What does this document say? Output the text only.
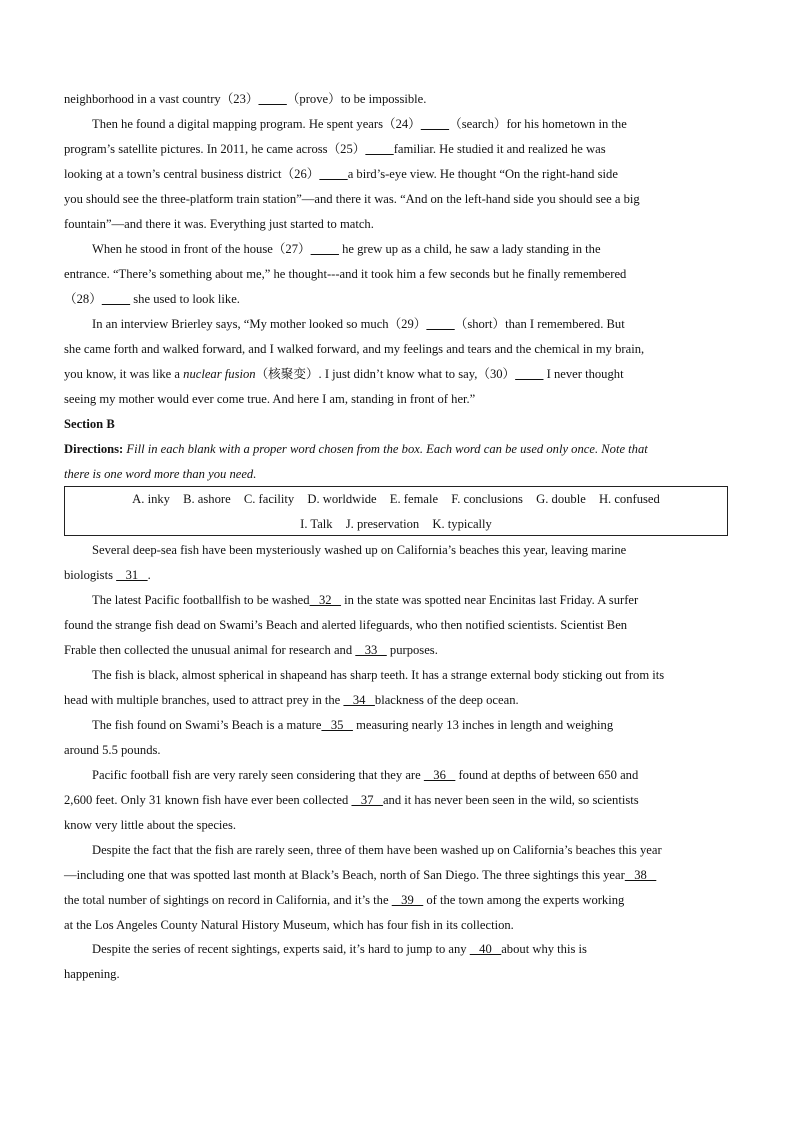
neighborhood in a vast country（23） （prove）to be impossible.

Then he found a digital mapping program. He spent years（24） （search）for his hometown in the

program’s satellite pictures. In 2011, he came across（25） familiar. He studied it and realized he was
looking at a town’s central business district（26） a bird’s-eye view. He thought “On the right-hand side
you should see the three-platform train station”—and there it was. “And on the left-hand side you should see a big
fountain”—and there it was. Everything just started to match.

When he stood in front of the house（27）          he grew up as a child, he saw a lady standing in the

entrance. “There’s something about me,” he thought---and it took him a few seconds but he finally remembered
（28）          she used to look like.

In an interview Brierley says, “My mother looked so much（29） （short）than I remembered. But

she came forth and walked forward, and I walked forward, and my feelings and tears and the chemical in my brain,
you know, it was like a nuclear fusion（核聚变）. I just didn’t know what to say,（30）          I never thought
seeing my mother would ever come true. And here I am, standing in front of her.”

Section B

Directions: Fill in each blank with a proper word chosen from the box. Each word can be used only once. Note that
there is one word more than you need.

A. inky B. ashore C. facility D. worldwide E. female F. conclusions G. double H. confused
I. Talk J. preservation K. typically

Several deep-sea fish have been mysteriously washed up on California’s beaches this year, leaving marine

biologists    31   .

The latest Pacific footballfish to be washed   32    in the state was spotted near Encinitas last Friday. A surfer

found the strange fish dead on Swami’s Beach and alerted lifeguards, who then notified scientists. Scientist Ben
Frable then collected the unusual animal for research and    33    purposes.

The fish is black, almost spherical in shapeand has sharp teeth. It has a strange external body sticking out from its

head with multiple branches, used to attract prey in the    34   blackness of the deep ocean.

The fish found on Swami’s Beach is a mature   35    measuring nearly 13 inches in length and weighing

around 5.5 pounds.

Pacific football fish are very rarely seen considering that they are    36    found at depths of between 650 and

2,600 feet. Only 31 known fish have ever been collected    37   and it has never been seen in the wild, so scientists
know very little about the species.

Despite the fact that the fish are rarely seen, three of them have been washed up on California’s beaches this year

—including one that was spotted last month at Black’s Beach, north of San Diego. The three sightings this year   38
the total number of sightings on record in California, and it’s the    39    of the town among the experts working
at the Los Angeles County Natural History Museum, which has four fish in its collection.

Despite the series of recent sightings, experts said, it’s hard to jump to any    40   about why this is

happening.
